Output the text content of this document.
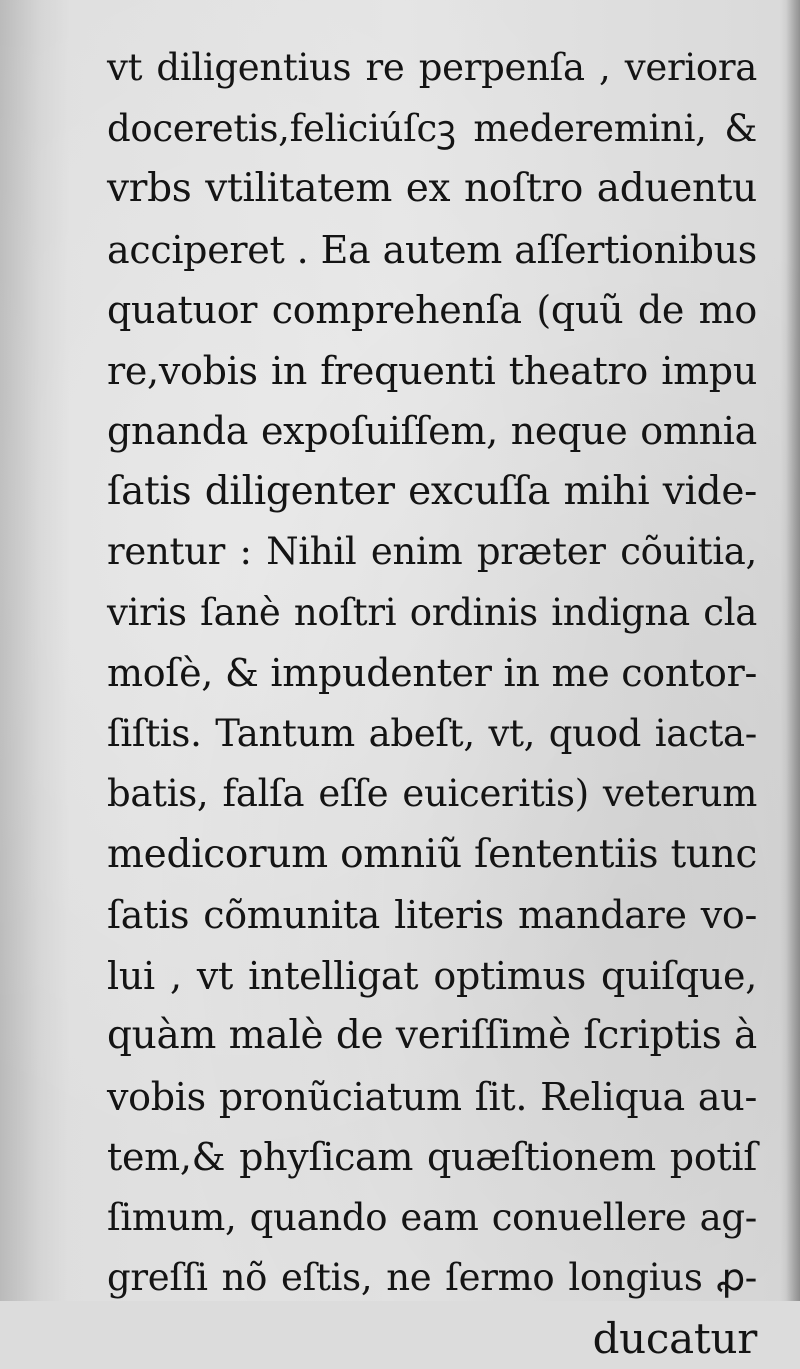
vt diligentius re perpenſa , veriora
doceretis,feliciúſcꝫ mederemini, &
vrbs vtilitatem ex noſtro aduentu
acciperet . Ea autem aſſertionibus
quatuor comprehenſa (quũ de mo
re,vobis in frequenti theatro impu
gnanda expoſuiſſem, neque omnia
ſatis diligenter excuſſa mihi vide-
rentur : Nihil enim præter cõuitia,
viris ſanè noſtri ordinis indigna cla
moſè, & impudenter in me contor-
ſiſtis. Tantum abeſt, vt, quod iacta-
batis, falſa eſſe euiceritis) veterum
medicorum omniũ ſententiis tunc
ſatis cõmunita literis mandare vo-
lui , vt intelligat optimus quiſque,
quàm malè de veriſſimè ſcriptis à
vobis pronũciatum ſit. Reliqua au-
tem,& phyſicam quæſtionem potiſ
ſimum, quando eam conuellere ag-
greſſi nõ eſtis, ne ſermo longius ꝓ-
ducatur
